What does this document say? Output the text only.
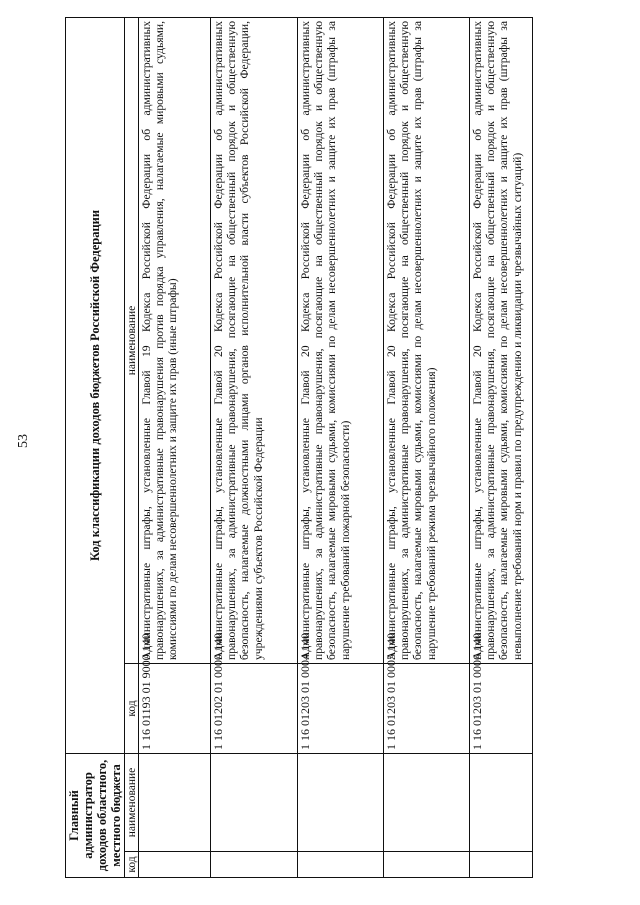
53
Главный администратор доходов областного, местного бюджета		Код классификации доходов бюджетов Российской Федерации	
код	наименование	код	наименование
		1 16 01193 01 9000 140	Административные штрафы, установленные Главой 19 Кодекса Российской Федерации об административных правонарушениях, за административные правонарушения против порядка управления, налагаемые мировыми судьями, комиссиями по делам несовершеннолетних и защите их прав (иные штрафы)
		1 16 01202 01 0000 140	Административные штрафы, установленные Главой 20 Кодекса Российской Федерации об административных правонарушениях, за административные правонарушения, посягающие на общественный порядок и общественную безопасность, налагаемые должностными лицами органов исполнительной власти субъектов Российской Федерации, учреждениями субъектов Российской Федерации
		1 16 01203 01 0004 140	Административные штрафы, установленные Главой 20 Кодекса Российской Федерации об административных правонарушениях, за административные правонарушения, посягающие на общественный порядок и общественную безопасность, налагаемые мировыми судьями, комиссиями по делам несовершеннолетних и защите их прав (штрафы за нарушение требований пожарной безопасности)
		1 16 01203 01 0005 140	Административные штрафы, установленные Главой 20 Кодекса Российской Федерации об административных правонарушениях, за административные правонарушения, посягающие на общественный порядок и общественную безопасность, налагаемые мировыми судьями, комиссиями по делам несовершеннолетних и защите их прав (штрафы за нарушение требований режима чрезвычайного положения)
		1 16 01203 01 0006 140	Административные штрафы, установленные Главой 20 Кодекса Российской Федерации об административных правонарушениях, за административные правонарушения, посягающие на общественный порядок и общественную безопасность, налагаемые мировыми судьями, комиссиями по делам несовершеннолетних и защите их прав (штрафы за невыполнение требований норм и правил по предупреждению и ликвидации чрезвычайных ситуаций)
